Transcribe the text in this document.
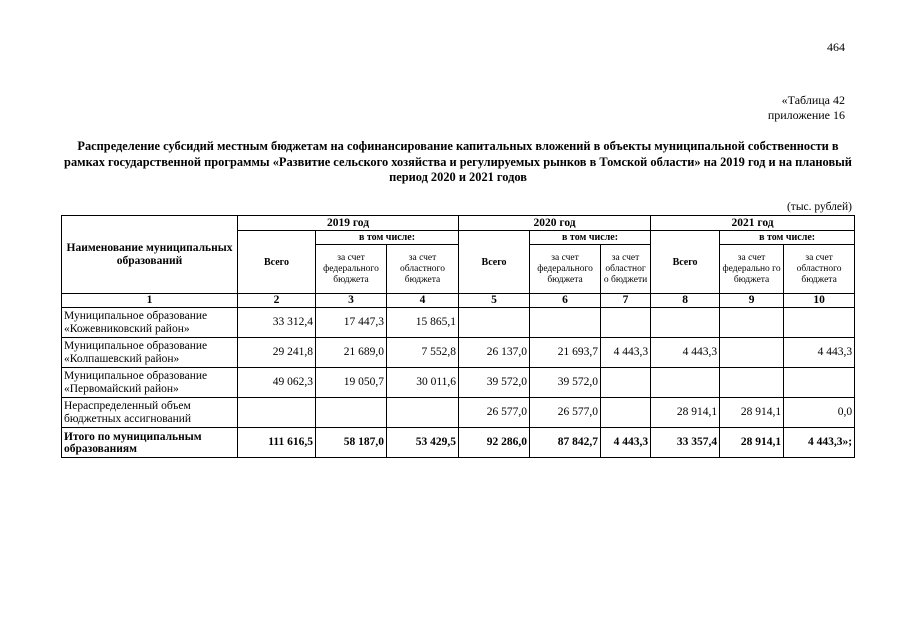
464
«Таблица 42
приложение 16
Распределение субсидий местным бюджетам на софинансирование капитальных вложений в объекты муниципальной собственности в рамках государственной программы «Развитие сельского хозяйства и регулируемых рынков в Томской области» на 2019 год и на плановый период 2020 и 2021 годов
(тыс. рублей)
Наименование муниципальных образований	2019 год			2020 год			2021 год		
	Всего	в том числе:		Всего	в том числе:		Всего	в том числе:	
		за счет федерального бюджета	за счет областного бюджета		за счет федерального бюджета	за счет областног о бюджети		за счет федерально го бюджета	за счет областного бюджета
1	2	3	4	5	6	7	8	9	10
Муниципальное образование «Кожевниковский район»	33 312,4	17 447,3	15 865,1						
Муниципальное образование «Колпашевский район»	29 241,8	21 689,0	7 552,8	26 137,0	21 693,7	4 443,3	4 443,3		4 443,3
Муниципальное образование «Первомайский район»	49 062,3	19 050,7	30 011,6	39 572,0	39 572,0				
Нераспределенный объем бюджетных ассигнований				26 577,0	26 577,0		28 914,1	28 914,1	0,0
Итого по муниципальным образованиям	111 616,5	58 187,0	53 429,5	92 286,0	87 842,7	4 443,3	33 357,4	28 914,1	4 443,3»;
